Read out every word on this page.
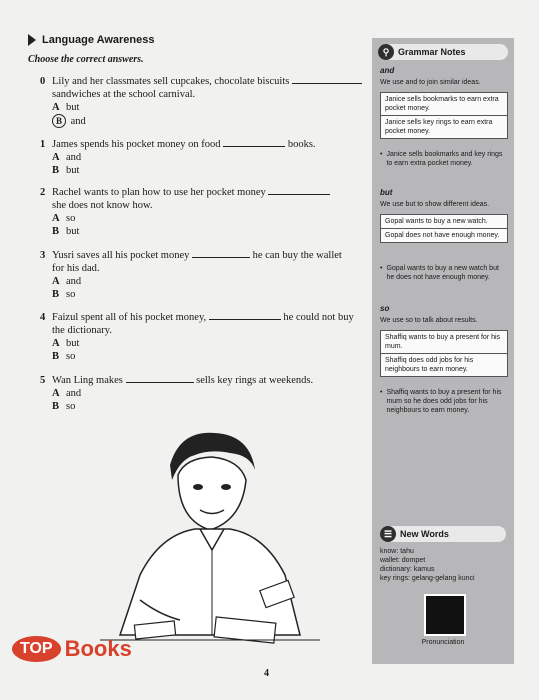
Language Awareness
Choose the correct answers.
0 Lily and her classmates sell cupcakes, chocolate biscuits
sandwiches at the school carnival.
A but
B and
1 James spends his pocket money on food	books.
A and
B but
2 Rachel wants to plan how to use her pocket money
she does not know how.
A so
B but
3 Yusri saves all his pocket money	he can buy the wallet
for his dad.
A and
B so
4 Faizul spent all of his pocket money,	he could not buy
the dictionary.
A but
B so
5 Wan Ling makes	sells key rings at weekends.
A and
B so
⚲ Grammar Notes
and
We use and to join similar ideas.
Janice sells bookmarks to earn extra pocket money.
Janice sells key rings to earn extra pocket money.
• Janice sells bookmarks and key rings to earn extra pocket money.
but
We use but to show different ideas.
Gopal wants to buy a new watch.
Gopal does not have enough money.
• Gopal wants to buy a new watch but he does not have enough money.
so
We use so to talk about results.
Shaffiq wants to buy a present for his mum.
Shaffiq does odd jobs for his neighbours to earn money.
• Shaffiq wants to buy a present for his mum so he does odd jobs for his neighbours to earn money.
☰ New Words
know: tahu
wallet: dompet
dictionary: kamus
key rings: gelang-gelang kunci
Pronunciation
4
TOP Books
